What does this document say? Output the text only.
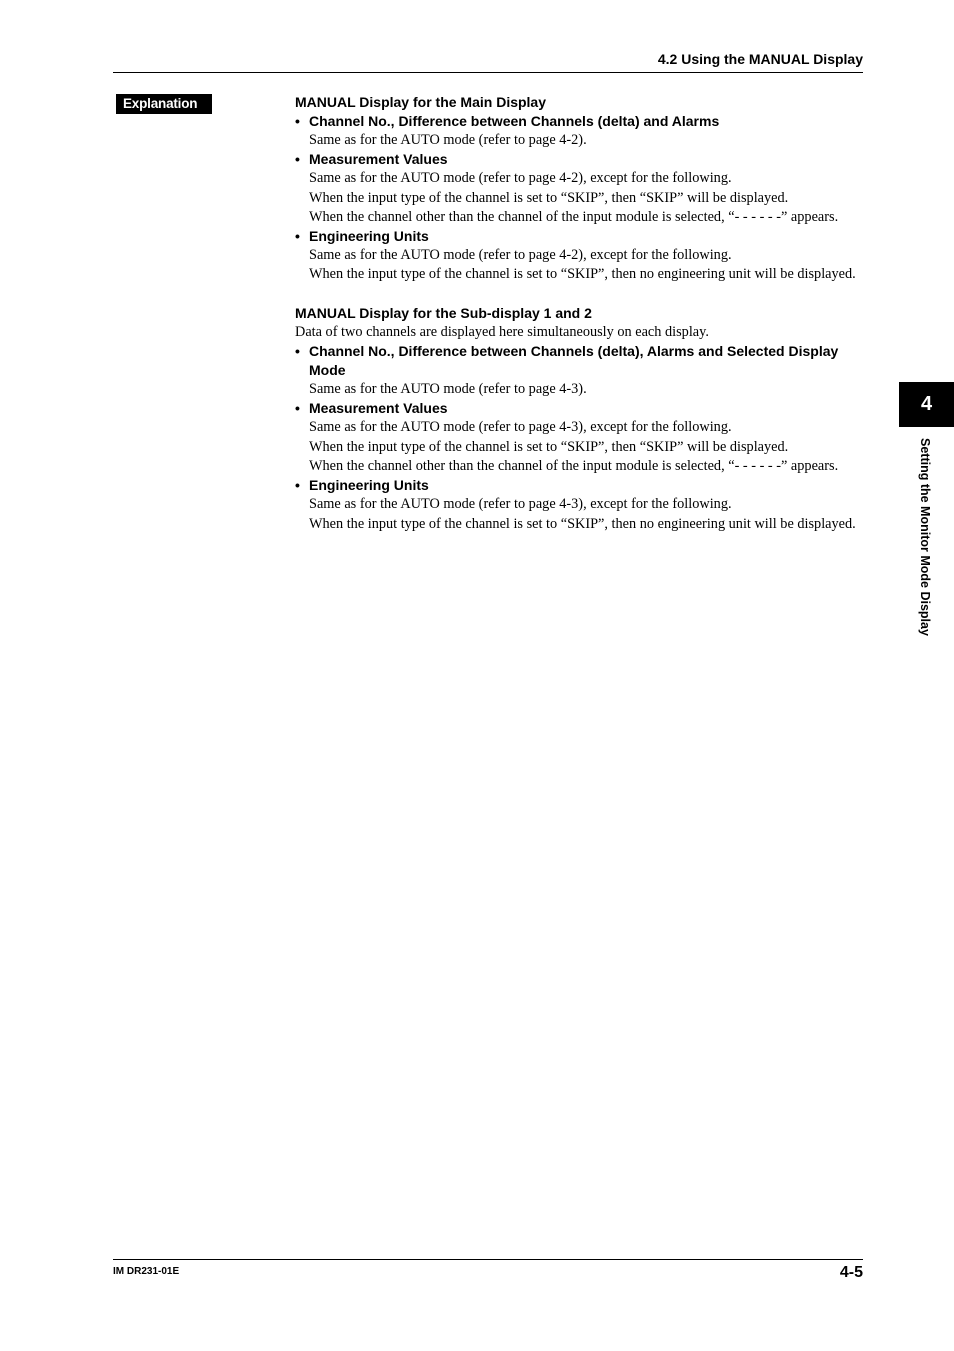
4.2 Using the MANUAL Display
Explanation	MANUAL Display for the Main Display

• Channel No., Difference between Channels (delta) and Alarms

Same as for the AUTO mode (refer to page 4-2).

• Measurement Values

Same as for the AUTO mode (refer to page 4-2), except for the following.

When the input type of the channel is set to “SKIP”, then “SKIP” will be displayed.

When the channel other than the channel of the input module is selected, “- - - - - -” appears.

• Engineering Units

Same as for the AUTO mode (refer to page 4-2), except for the following.

When the input type of the channel is set to “SKIP”, then no engineering unit will be displayed.

MANUAL Display for the Sub-display 1 and 2

Data of two channels are displayed here simultaneously on each display.

• Channel No., Difference between Channels (delta), Alarms and Selected Display
Mode

Same as for the AUTO mode (refer to page 4-3).

• Measurement Values

Same as for the AUTO mode (refer to page 4-3), except for the following.

When the input type of the channel is set to “SKIP”, then “SKIP” will be displayed.

When the channel other than the channel of the input module is selected, “- - - - - -” appears.

• Engineering Units

Same as for the AUTO mode (refer to page 4-3), except for the following.

When the input type of the channel is set to “SKIP”, then no engineering unit will be displayed.

4
Setting the Monitor Mode Display
IM DR231-01E	4-5
